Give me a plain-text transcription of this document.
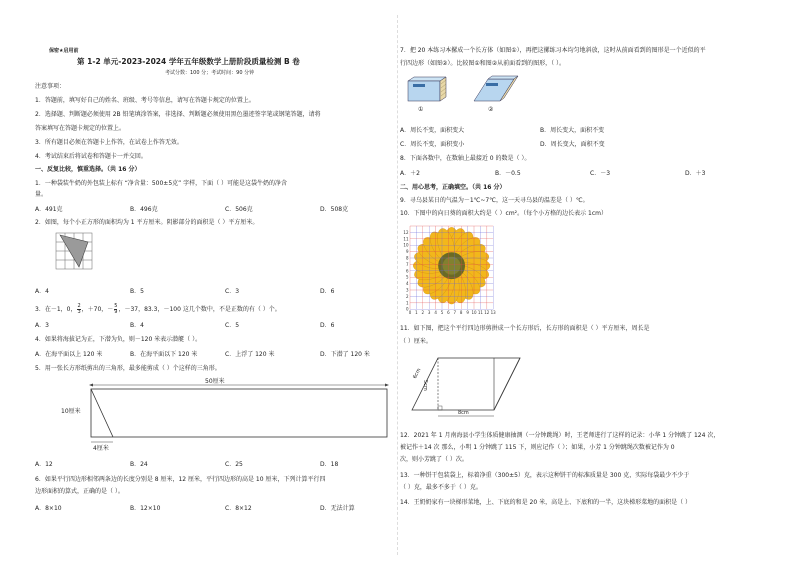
保密★启用前
第 1-2 单元-2023-2024 学年五年级数学上册阶段质量检测 B 卷
考试分数：100 分；考试时间：90 分钟
注意事项：
1．答题前，填写好自己的姓名、班级、考号等信息，请写在答题卡规定的位置上。
2．选择题、判断题必须使用 2B 铅笔填涂答案，非选择、判断题必须使用黑色墨迹签字笔或钢笔答题，请将
答案填写在答题卡规定的位置上。
3．所有题目必须在答题卡上作答，在试卷上作答无效。
4．考试结束后将试卷和答题卡一并交回。
一、反复比较，慎重选择。（共 16 分）
1．一种袋装牛奶的外包装上标有 “净含量：500±5克” 字样，下面（ ）可能是这袋牛奶的净含
量。
A．491克	B．496克	C．506克	D．508克
2．如图，每个小正方形的面积均为 1 平方厘米。阴影部分的面积是（ ）平方厘米。
A．4	B．5	C．3	D．6
3．在－1，0， $\frac{2}{3}$ ，＋70，－ $\frac{5}{9}$ ，－37，83.3，－100 这几个数中，不是正数的有（ ）个。
A．3	B．4	C．5	D．6
4．如果将海拔记为正，下潜为负，则－120 米表示潜艇（ ）。
A．在海平面以上 120 米	B．在海平面以下 120 米	C．上浮了 120 米	D．下潜了 120 米
5．用一张长方形纸剪出的三角形，最多能剪成（ ）个这样的三角形。
50厘米
10厘米
4厘米
A．12	B．24	C．25	D．18
6．如果平行四边形相邻两条边的长度分别是 8 厘米，12 厘米，平行四边形的高是 10 厘米，下列计算平行四
边形面积的算式，正确的是（ ）。
A．8×10	B．12×10	C．8×12	D．无法计算
7．把 20 本练习本摞成一个长方体（如图①），再把这摞练习本均匀地斜放，这时从前面看到的图形是一个近似的平
行四边形（如图②）。比较图①和图②从前面看到的图形，（ ）。
①	②
A．周长不变，面积变大	B．周长变大，面积不变
C．周长不变，面积变小	D．周长变大，面积不变
8．下面各数中，在数轴上最接近 0 的数是（ ）。
A．＋2	B．－0.5	C．－3	D．＋3
二、用心思考，正确填空。（共 16 分）
9．寻乌县某日的气温为－1℃~7℃，这一天寻乌县的温差是（ ）℃。
10．下图中的向日葵的面积大约是（ ）cm²。（每个小方格的边长表示 1cm）
12
11
10
9
8
7
6
5
4
3
2
1
0
0 1 2 3 4 5 6 7 8 9 10 11 12 13
11．如下图，把这个平行四边形剪拼成一个长方形后，长方形的面积是（ ）平方厘米，周长是
（ ）厘米。
6cm
5cm
8cm
12．2021 年 1 月南海县小学生体质健康抽测（一分钟跳绳）时，王老师进行了这样的记录：小华 1 分钟跳了 124 次，
被记作＋14 次 那么，小明 1 分钟跳了 115 下，则应记作（ ）；如果，小芳 1 分钟跳绳次数被记作为 0
次，则小芳跳了（ ）次。
13．一种饼干包装袋上，标着净重（300±5）克，表示这种饼干的标准质量是 300 克，实际每袋最少不少于
（ ）克，最多不多于（ ）克。
14．王奶奶家有一块梯形菜地，上、下底的和是 20 米，高是上、下底和的一半，这块梯形菜地的面积是（ ）
